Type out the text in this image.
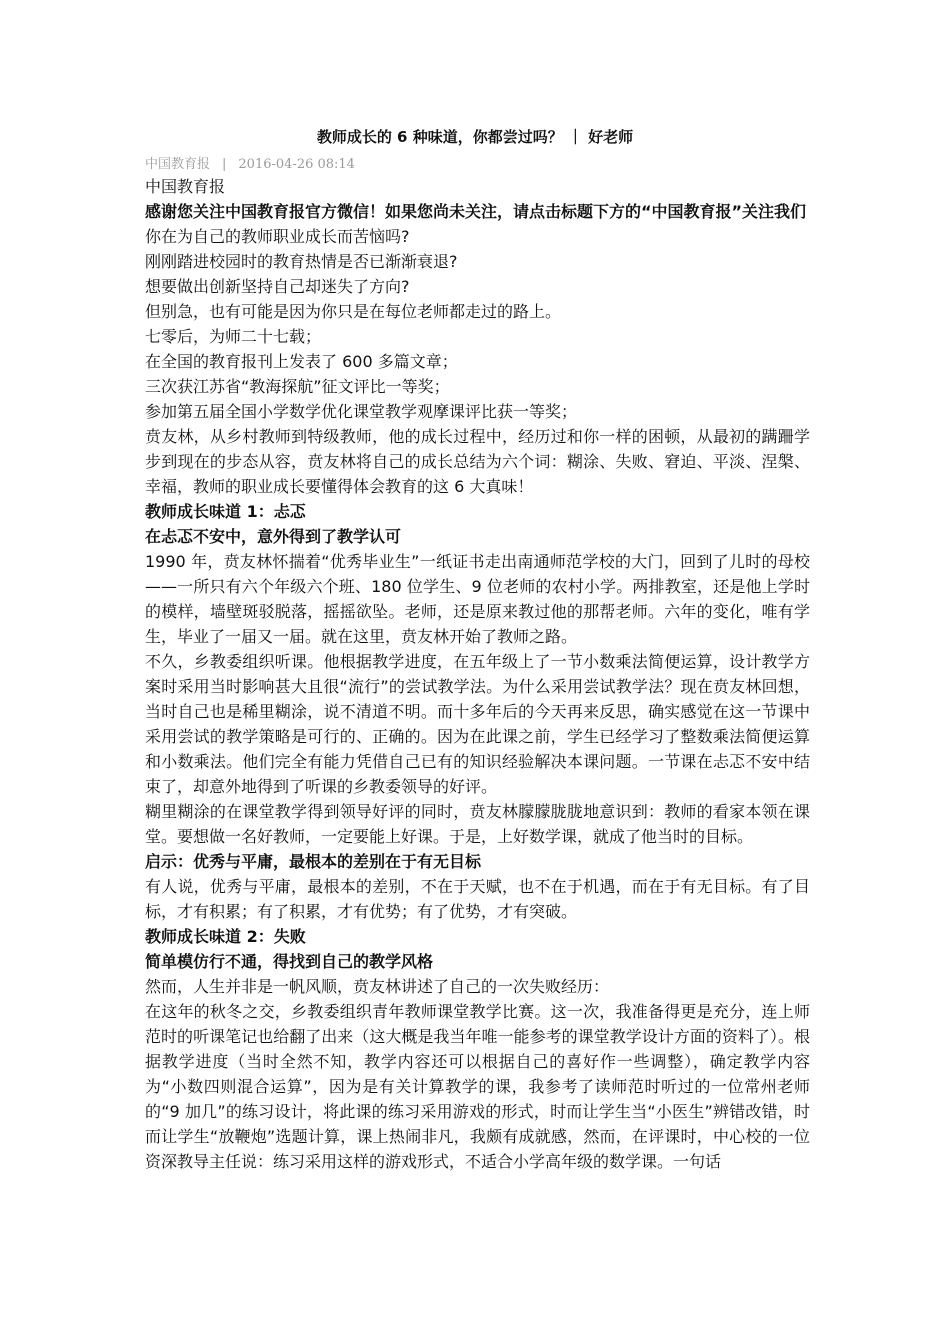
教师成长的 6 种味道，你都尝过吗？ ｜ 好老师
中国教育报 | 2016-04-26 08:14

中国教育报

感谢您关注中国教育报官方微信！如果您尚未关注，请点击标题下方的“中国教育报”关注我们

你在为自己的教师职业成长而苦恼吗?

刚刚踏进校园时的教育热情是否已渐渐衰退?

想要做出创新坚持自己却迷失了方向?

但别急，也有可能是因为你只是在每位老师都走过的路上。

七零后，为师二十七载；

在全国的教育报刊上发表了 600 多篇文章；

三次获江苏省“教海探航”征文评比一等奖；

参加第五届全国小学数学优化课堂教学观摩课评比获一等奖；

贲友林，从乡村教师到特级教师，他的成长过程中，经历过和你一样的困顿，从最初的蹒跚学步到现在的步态从容，贲友林将自己的成长总结为六个词：糊涂、失败、窘迫、平淡、涅槃、幸福，教师的职业成长要懂得体会教育的这 6 大真味！

教师成长味道 1：忐忑

在忐忑不安中，意外得到了教学认可

1990 年，贲友林怀揣着“优秀毕业生”一纸证书走出南通师范学校的大门，回到了儿时的母校——一所只有六个年级六个班、180 位学生、9 位老师的农村小学。两排教室，还是他上学时的模样，墙壁斑驳脱落，摇摇欲坠。老师，还是原来教过他的那帮老师。六年的变化，唯有学生，毕业了一届又一届。就在这里，贲友林开始了教师之路。

不久，乡教委组织听课。他根据教学进度，在五年级上了一节小数乘法简便运算，设计教学方案时采用当时影响甚大且很“流行”的尝试教学法。为什么采用尝试教学法？现在贲友林回想，当时自己也是稀里糊涂，说不清道不明。而十多年后的今天再来反思，确实感觉在这一节课中采用尝试的教学策略是可行的、正确的。因为在此课之前，学生已经学习了整数乘法简便运算和小数乘法。他们完全有能力凭借自己已有的知识经验解决本课问题。一节课在忐忑不安中结束了，却意外地得到了听课的乡教委领导的好评。

糊里糊涂的在课堂教学得到领导好评的同时，贲友林朦朦胧胧地意识到：教师的看家本领在课堂。要想做一名好教师，一定要能上好课。于是，上好数学课，就成了他当时的目标。

启示：优秀与平庸，最根本的差别在于有无目标

有人说，优秀与平庸，最根本的差别，不在于天赋，也不在于机遇，而在于有无目标。有了目标，才有积累；有了积累，才有优势；有了优势，才有突破。

教师成长味道 2：失败

简单模仿行不通，得找到自己的教学风格

然而，人生并非是一帆风顺，贲友林讲述了自己的一次失败经历：

在这年的秋冬之交，乡教委组织青年教师课堂教学比赛。这一次，我准备得更是充分，连上师范时的听课笔记也给翻了出来（这大概是我当年唯一能参考的课堂教学设计方面的资料了）。根据教学进度（当时全然不知，教学内容还可以根据自己的喜好作一些调整），确定教学内容为“小数四则混合运算”，因为是有关计算教学的课，我参考了读师范时听过的一位常州老师的“9 加几”的练习设计，将此课的练习采用游戏的形式，时而让学生当“小医生”辨错改错，时而让学生“放鞭炮”选题计算，课上热闹非凡，我颇有成就感，然而，在评课时，中心校的一位资深教导主任说：练习采用这样的游戏形式，不适合小学高年级的数学课。一句话
